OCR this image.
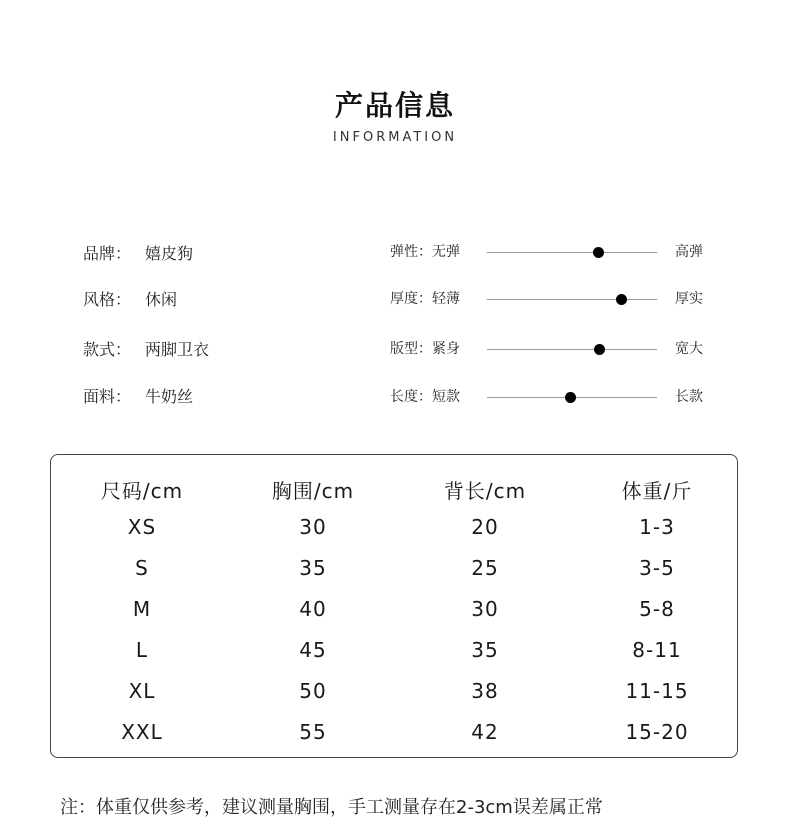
产品信息
INFORMATION
品牌： 嬉皮狗
风格： 休闲
款式： 两脚卫衣
面料： 牛奶丝
弹性：无弹	高弹
厚度：轻薄	厚实
版型：紧身	宽大
长度：短款	长款
尺码/cm	胸围/cm	背长/cm	体重/斤
XS	30	20	1-3
S	35	25	3-5
M	40	30	5-8
L	45	35	8-11
XL	50	38	11-15
XXL	55	42	15-20
注：体重仅供参考，建议测量胸围，手工测量存在2-3cm误差属正常
